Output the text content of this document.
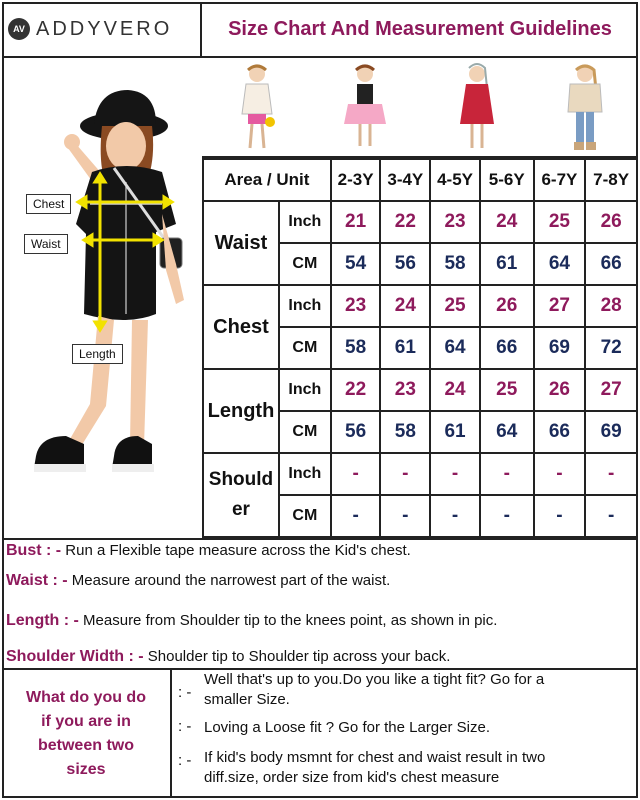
AV ADDYVERO	Size Chart And Measurement Guidelines
Chest
Waist
Length
Area / Unit		2-3Y	3-4Y	4-5Y	5-6Y	6-7Y	7-8Y
Waist	Inch	21	22	23	24	25	26
	CM	54	56	58	61	64	66
Chest	Inch	23	24	25	26	27	28
	CM	58	61	64	66	69	72
Length	Inch	22	23	24	25	26	27
	CM	56	58	61	64	66	69
Should er	Inch	-	-	-	-	-	-
	CM	-	-	-	-	-	-
Bust : - Run a Flexible tape measure across the Kid's chest.
Waist : - Measure around the narrowest part of the waist.
Length : - Measure from Shoulder tip to the knees point, as shown in pic.
Shoulder Width : - Shoulder tip to Shoulder tip across your back.
What do you do if you are in between two sizes
: -
Well that's up to you.Do you like a tight fit? Go for a
smaller Size.
: - Loving a Loose fit ? Go for the Larger Size.
: - If kid's body msmnt for chest and waist result in two
diff.size, order size from kid's chest measure
